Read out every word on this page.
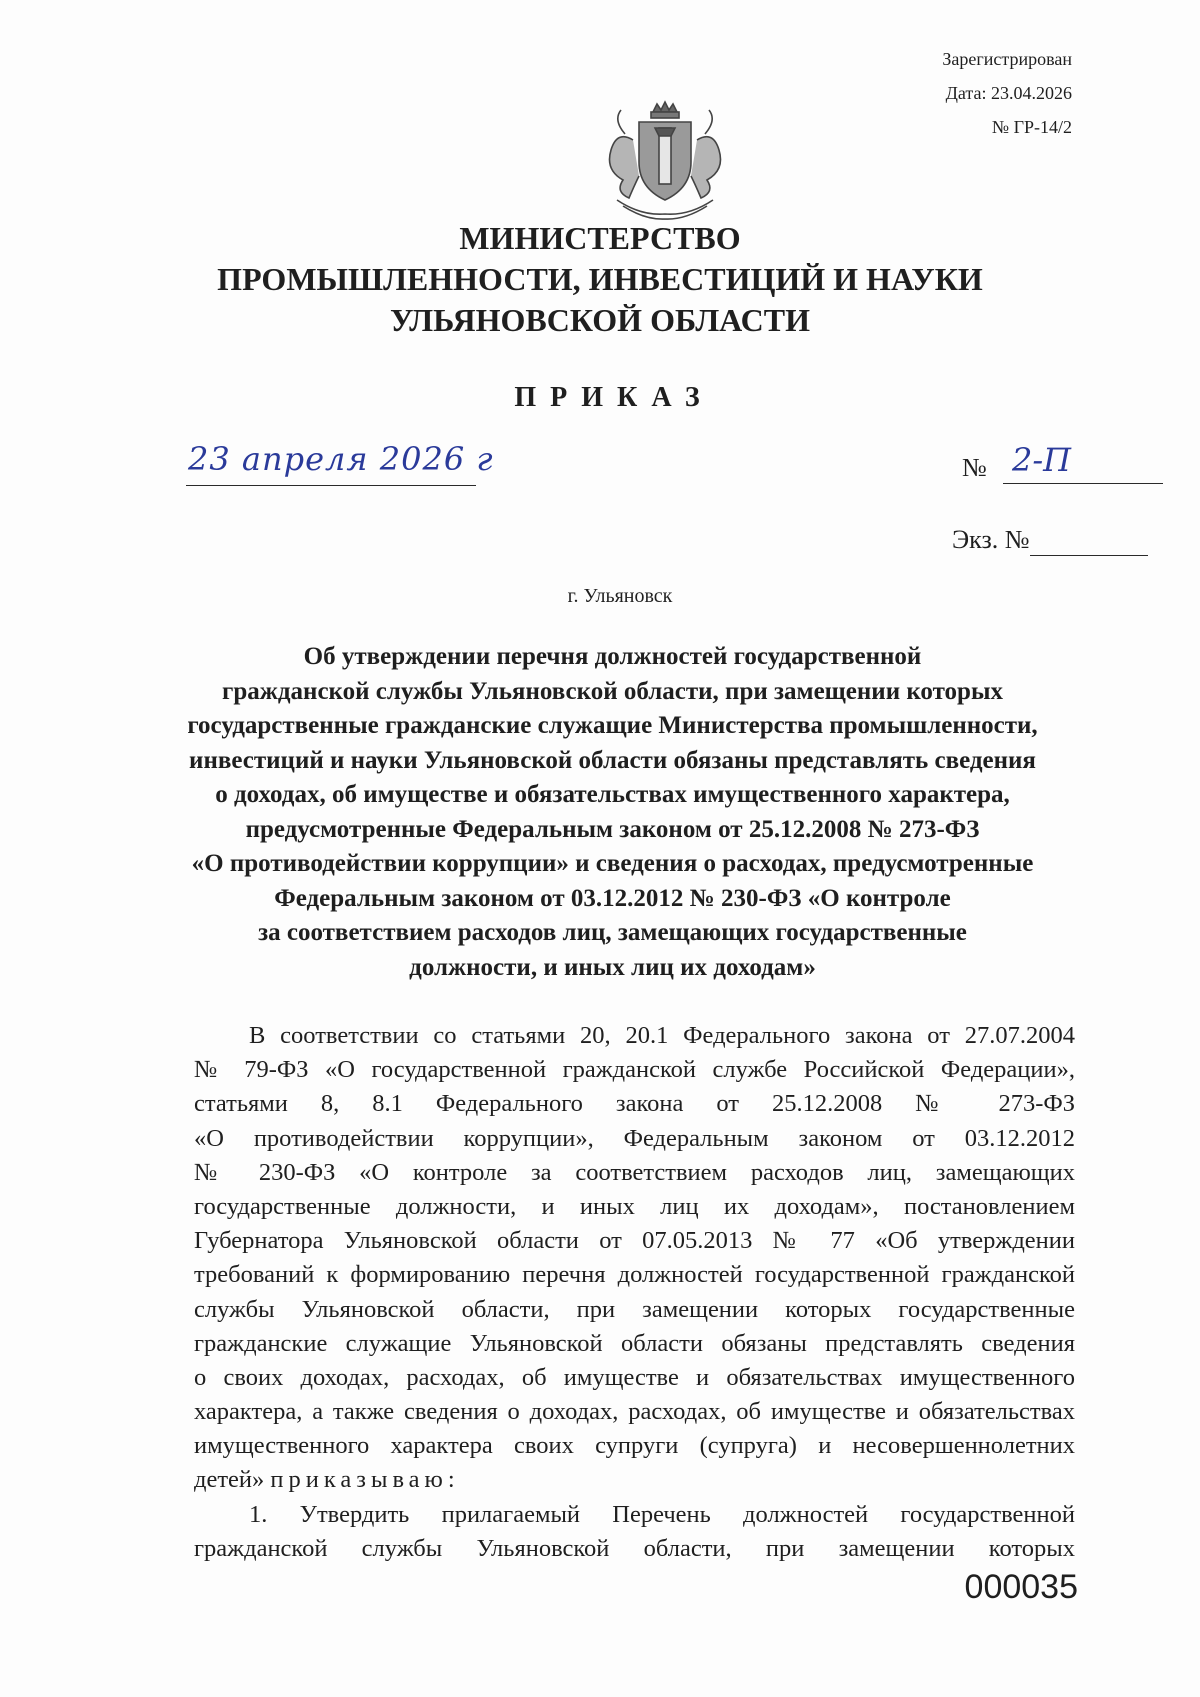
Зарегистрирован
Дата: 23.04.2026
№ ГР-14/2
МИНИСТЕРСТВО
ПРОМЫШЛЕННОСТИ, ИНВЕСТИЦИЙ И НАУКИ
УЛЬЯНОВСКОЙ ОБЛАСТИ
ПРИКАЗ
23 апреля 2026 г	№ 2-П
Экз. №
г. Ульяновск
Об утверждении перечня должностей государственной
гражданской службы Ульяновской области, при замещении которых
государственные гражданские служащие Министерства промышленности,
инвестиций и науки Ульяновской области обязаны представлять сведения
о доходах, об имуществе и обязательствах имущественного характера,
предусмотренные Федеральным законом от 25.12.2008 № 273-ФЗ
«О противодействии коррупции» и сведения о расходах, предусмотренные
Федеральным законом от 03.12.2012 № 230-ФЗ «О контроле
за соответствием расходов лиц, замещающих государственные
должности, и иных лиц их доходам»
В соответствии со статьями 20, 20.1 Федерального закона от 27.07.2004
№ 79-ФЗ «О государственной гражданской службе Российской Федерации»,
статьями 8, 8.1 Федерального закона от 25.12.2008 № 273-ФЗ
«О противодействии коррупции», Федеральным законом от 03.12.2012
№ 230-ФЗ «О контроле за соответствием расходов лиц, замещающих
государственные должности, и иных лиц их доходам», постановлением
Губернатора Ульяновской области от 07.05.2013 № 77 «Об утверждении
требований к формированию перечня должностей государственной гражданской
службы Ульяновской области, при замещении которых государственные
гражданские служащие Ульяновской области обязаны представлять сведения
о своих доходах, расходах, об имуществе и обязательствах имущественного
характера, а также сведения о доходах, расходах, об имуществе и обязательствах
имущественного характера своих супруги (супруга) и несовершеннолетних
детей» приказываю:
1. Утвердить прилагаемый Перечень должностей государственной
гражданской службы Ульяновской области, при замещении которых
000035
